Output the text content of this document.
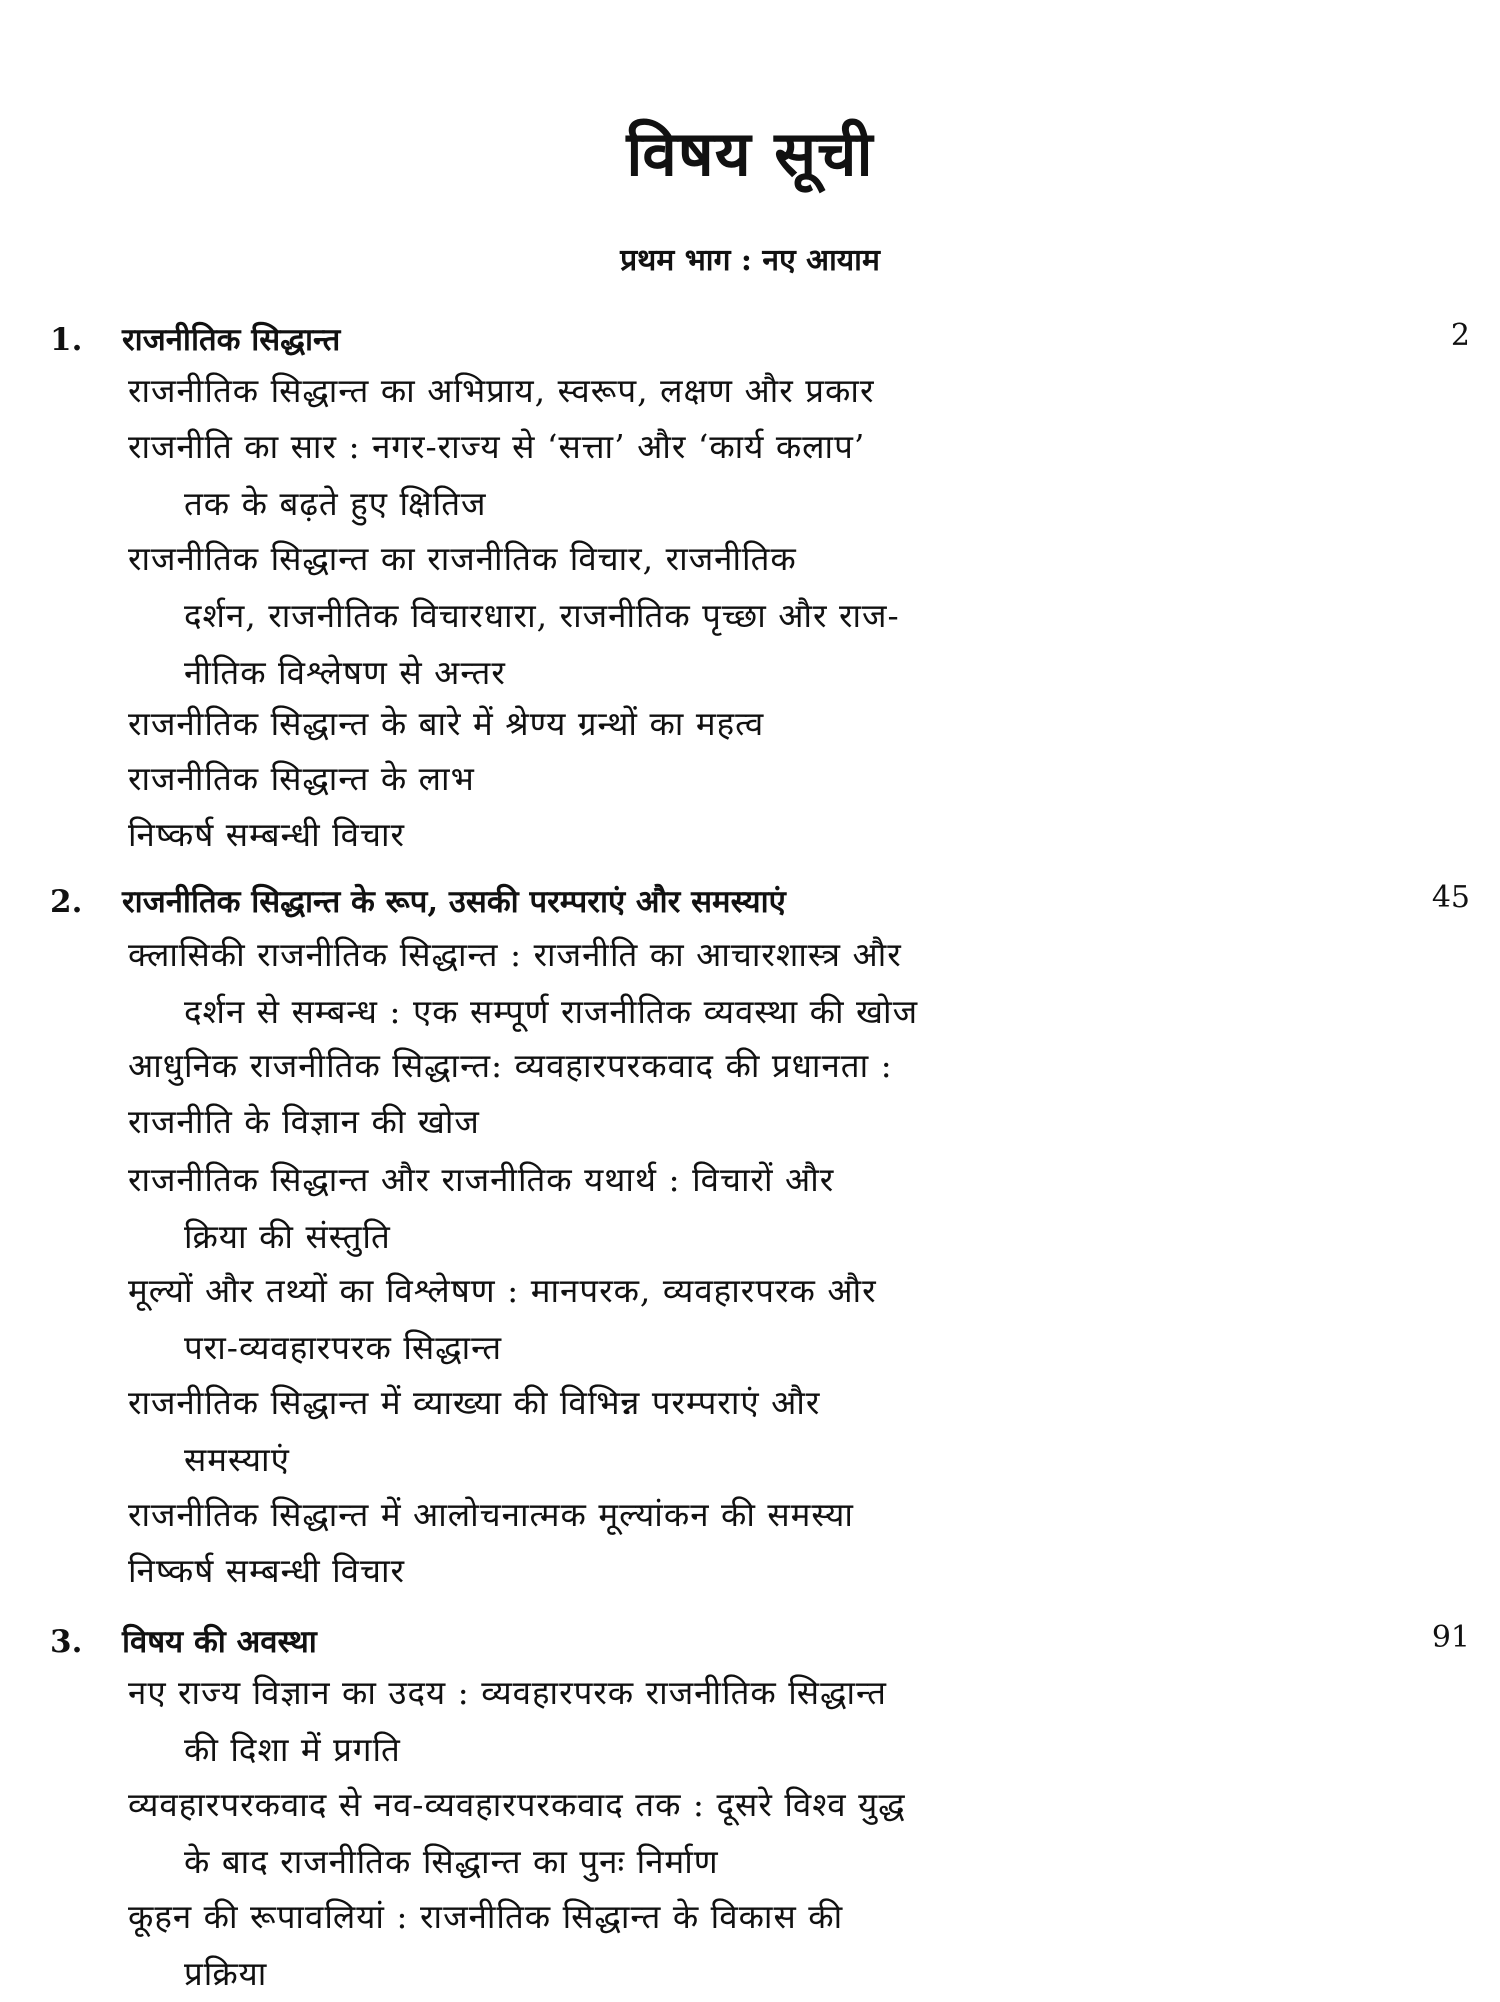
विषय सूची
प्रथम भाग : नए आयाम
1. राजनीतिक सिद्धान्त	2
राजनीतिक सिद्धान्त का अभिप्राय, स्वरूप, लक्षण और प्रकार
राजनीति का सार : नगर-राज्य से ‘सत्ता’ और ‘कार्य कलाप’
तक के बढ़ते हुए क्षितिज
राजनीतिक सिद्धान्त का राजनीतिक विचार, राजनीतिक
दर्शन, राजनीतिक विचारधारा, राजनीतिक पृच्छा और राज-
नीतिक विश्लेषण से अन्तर
राजनीतिक सिद्धान्त के बारे में श्रेण्य ग्रन्थों का महत्व
राजनीतिक सिद्धान्त के लाभ
निष्कर्ष सम्बन्धी विचार
2. राजनीतिक सिद्धान्त के रूप, उसकी परम्पराएं और समस्याएं	45
क्लासिकी राजनीतिक सिद्धान्त : राजनीति का आचारशास्त्र और
दर्शन से सम्बन्ध : एक सम्पूर्ण राजनीतिक व्यवस्था की खोज
आधुनिक राजनीतिक सिद्धान्त: व्यवहारपरकवाद की प्रधानता :
राजनीति के विज्ञान की खोज
राजनीतिक सिद्धान्त और राजनीतिक यथार्थ : विचारों और
क्रिया की संस्तुति
मूल्यों और तथ्यों का विश्लेषण : मानपरक, व्यवहारपरक और
परा-व्यवहारपरक सिद्धान्त
राजनीतिक सिद्धान्त में व्याख्या की विभिन्न परम्पराएं और
समस्याएं
राजनीतिक सिद्धान्त में आलोचनात्मक मूल्यांकन की समस्या
निष्कर्ष सम्बन्धी विचार
3. विषय की अवस्था	91
नए राज्य विज्ञान का उदय : व्यवहारपरक राजनीतिक सिद्धान्त
की दिशा में प्रगति
व्यवहारपरकवाद से नव-व्यवहारपरकवाद तक : दूसरे विश्व युद्ध
के बाद राजनीतिक सिद्धान्त का पुनः निर्माण
कूहन की रूपावलियां : राजनीतिक सिद्धान्त के विकास की
प्रक्रिया
